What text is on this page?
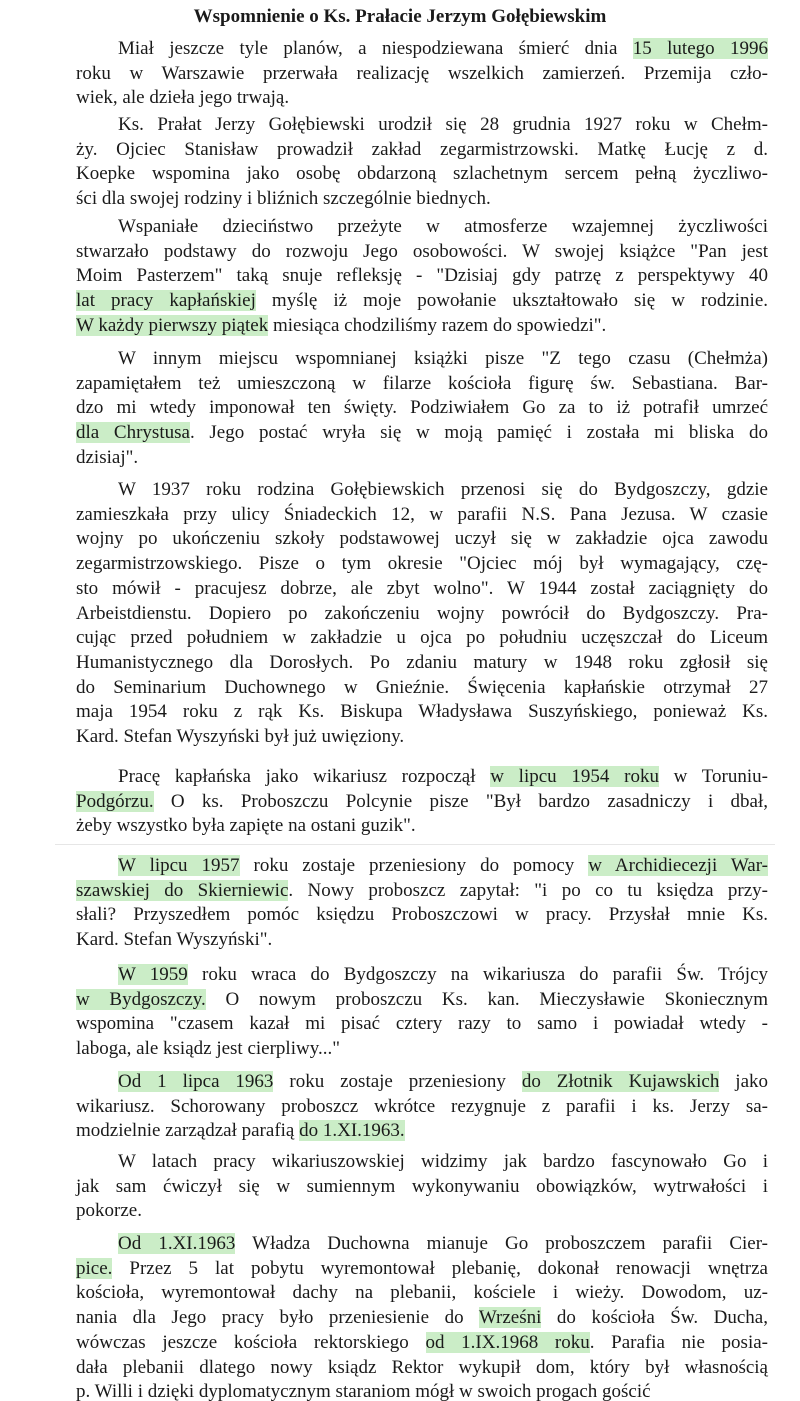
Wspomnienie o Ks. Prałacie Jerzym Gołębiewskim
Miał jeszcze tyle planów, a niespodziewana śmierć dnia 15 lutego 1996
roku w Warszawie przerwała realizację wszelkich zamierzeń. Przemija czło-
wiek, ale dzieła jego trwają.
Ks. Prałat Jerzy Gołębiewski urodził się 28 grudnia 1927 roku w Chełm-
ży. Ojciec Stanisław prowadził zakład zegarmistrzowski. Matkę Łucję z d.
Koepke wspomina jako osobę obdarzoną szlachetnym sercem pełną życzliwo-
ści dla swojej rodziny i bliźnich szczególnie biednych.
Wspaniałe dzieciństwo przeżyte w atmosferze wzajemnej życzliwości
stwarzało podstawy do rozwoju Jego osobowości. W swojej książce "Pan jest
Moim Pasterzem" taką snuje refleksję - "Dzisiaj gdy patrzę z perspektywy 40
lat pracy kapłańskiej myślę iż moje powołanie ukształtowało się w rodzinie.
W każdy pierwszy piątek miesiąca chodziliśmy razem do spowiedzi".
W innym miejscu wspomnianej książki pisze "Z tego czasu (Chełmża)
zapamiętałem też umieszczoną w filarze kościoła figurę św. Sebastiana. Bar-
dzo mi wtedy imponował ten święty. Podziwiałem Go za to iż potrafił umrzeć
dla Chrystusa. Jego postać wryła się w moją pamięć i została mi bliska do
dzisiaj".
W 1937 roku rodzina Gołębiewskich przenosi się do Bydgoszczy, gdzie
zamieszkała przy ulicy Śniadeckich 12, w parafii N.S. Pana Jezusa. W czasie
wojny po ukończeniu szkoły podstawowej uczył się w zakładzie ojca zawodu
zegarmistrzowskiego. Pisze o tym okresie "Ojciec mój był wymagający, czę-
sto mówił - pracujesz dobrze, ale zbyt wolno". W 1944 został zaciągnięty do
Arbeistdienstu. Dopiero po zakończeniu wojny powrócił do Bydgoszczy. Pra-
cując przed południem w zakładzie u ojca po południu uczęszczał do Liceum
Humanistycznego dla Dorosłych. Po zdaniu matury w 1948 roku zgłosił się
do Seminarium Duchownego w Gnieźnie. Święcenia kapłańskie otrzymał 27
maja 1954 roku z rąk Ks. Biskupa Władysława Suszyńskiego, ponieważ Ks.
Kard. Stefan Wyszyński był już uwięziony.
Pracę kapłańska jako wikariusz rozpoczął w lipcu 1954 roku w Toruniu-
Podgórzu. O ks. Proboszczu Polcynie pisze "Był bardzo zasadniczy i dbał,
żeby wszystko była zapięte na ostani guzik".
W lipcu 1957 roku zostaje przeniesiony do pomocy w Archidiecezji War-
szawskiej do Skierniewic. Nowy proboszcz zapytał: "i po co tu księdza przy-
słali? Przyszedłem pomóc księdzu Proboszczowi w pracy. Przysłał mnie Ks.
Kard. Stefan Wyszyński".
W 1959 roku wraca do Bydgoszczy na wikariusza do parafii Św. Trójcy
w Bydgoszczy. O nowym proboszczu Ks. kan. Mieczysławie Skoniecznym
wspomina "czasem kazał mi pisać cztery razy to samo i powiadał wtedy -
laboga, ale ksiądz jest cierpliwy..."
Od 1 lipca 1963 roku zostaje przeniesiony do Złotnik Kujawskich jako
wikariusz. Schorowany proboszcz wkrótce rezygnuje z parafii i ks. Jerzy sa-
modzielnie zarządzał parafią do 1.XI.1963.
W latach pracy wikariuszowskiej widzimy jak bardzo fascynowało Go i
jak sam ćwiczył się w sumiennym wykonywaniu obowiązków, wytrwałości i
pokorze.
Od 1.XI.1963 Władza Duchowna mianuje Go proboszczem parafii Cier-
pice. Przez 5 lat pobytu wyremontował plebanię, dokonał renowacji wnętrza
kościoła, wyremontował dachy na plebanii, kościele i wieży. Dowodom, uz-
nania dla Jego pracy było przeniesienie do Wrześni do kościoła Św. Ducha,
wówczas jeszcze kościoła rektorskiego od 1.IX.1968 roku. Parafia nie posia-
dała plebanii dlatego nowy ksiądz Rektor wykupił dom, który był własnością
p. Willi i dzięki dyplomatycznym staraniom mógł w swoich progach gościć
